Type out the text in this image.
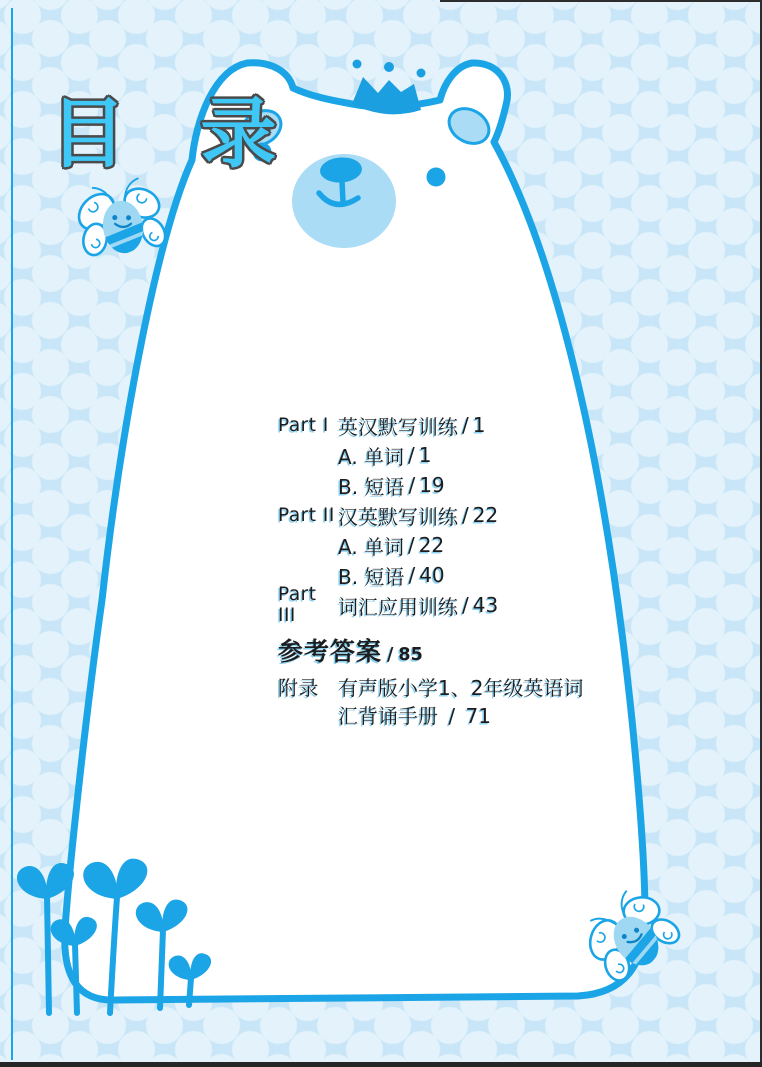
目 录
Part I 英汉默写训练 / 1
A. 单词 / 1
B. 短语 / 19
Part II 汉英默写训练 / 22
A. 单词 / 22
B. 短语 / 40
Part III	词汇应用训练 / 43
参考答案 / 85
附录 有声版小学1、2年级英语词
汇背诵手册 / 71
